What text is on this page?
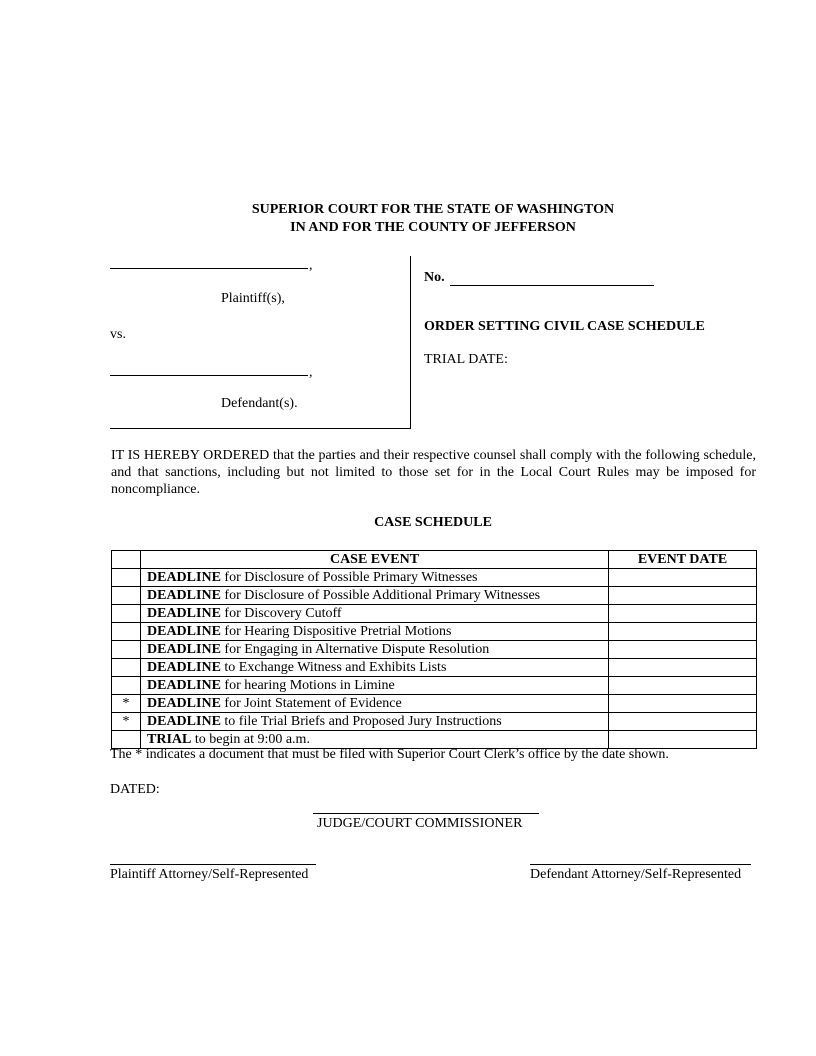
SUPERIOR COURT FOR THE STATE OF WASHINGTON
IN AND FOR THE COUNTY OF JEFFERSON
,
Plaintiff(s),
vs.
,
Defendant(s).
No.
ORDER SETTING CIVIL CASE SCHEDULE
TRIAL DATE:
IT IS HEREBY ORDERED that the parties and their respective counsel shall comply with the following schedule, and that sanctions, including but not limited to those set for in the Local Court Rules may be imposed for noncompliance.
CASE SCHEDULE
	CASE EVENT	EVENT DATE
	DEADLINE for Disclosure of Possible Primary Witnesses	
	DEADLINE for Disclosure of Possible Additional Primary Witnesses	
	DEADLINE for Discovery Cutoff	
	DEADLINE for Hearing Dispositive Pretrial Motions	
	DEADLINE for Engaging in Alternative Dispute Resolution	
	DEADLINE to Exchange Witness and Exhibits Lists	
	DEADLINE for hearing Motions in Limine	
*	DEADLINE for Joint Statement of Evidence	
*	DEADLINE to file Trial Briefs and Proposed Jury Instructions	
	TRIAL to begin at 9:00 a.m.	
The * indicates a document that must be filed with Superior Court Clerk’s office by the date shown.
DATED:
JUDGE/COURT COMMISSIONER
Plaintiff Attorney/Self-Represented	Defendant Attorney/Self-Represented
